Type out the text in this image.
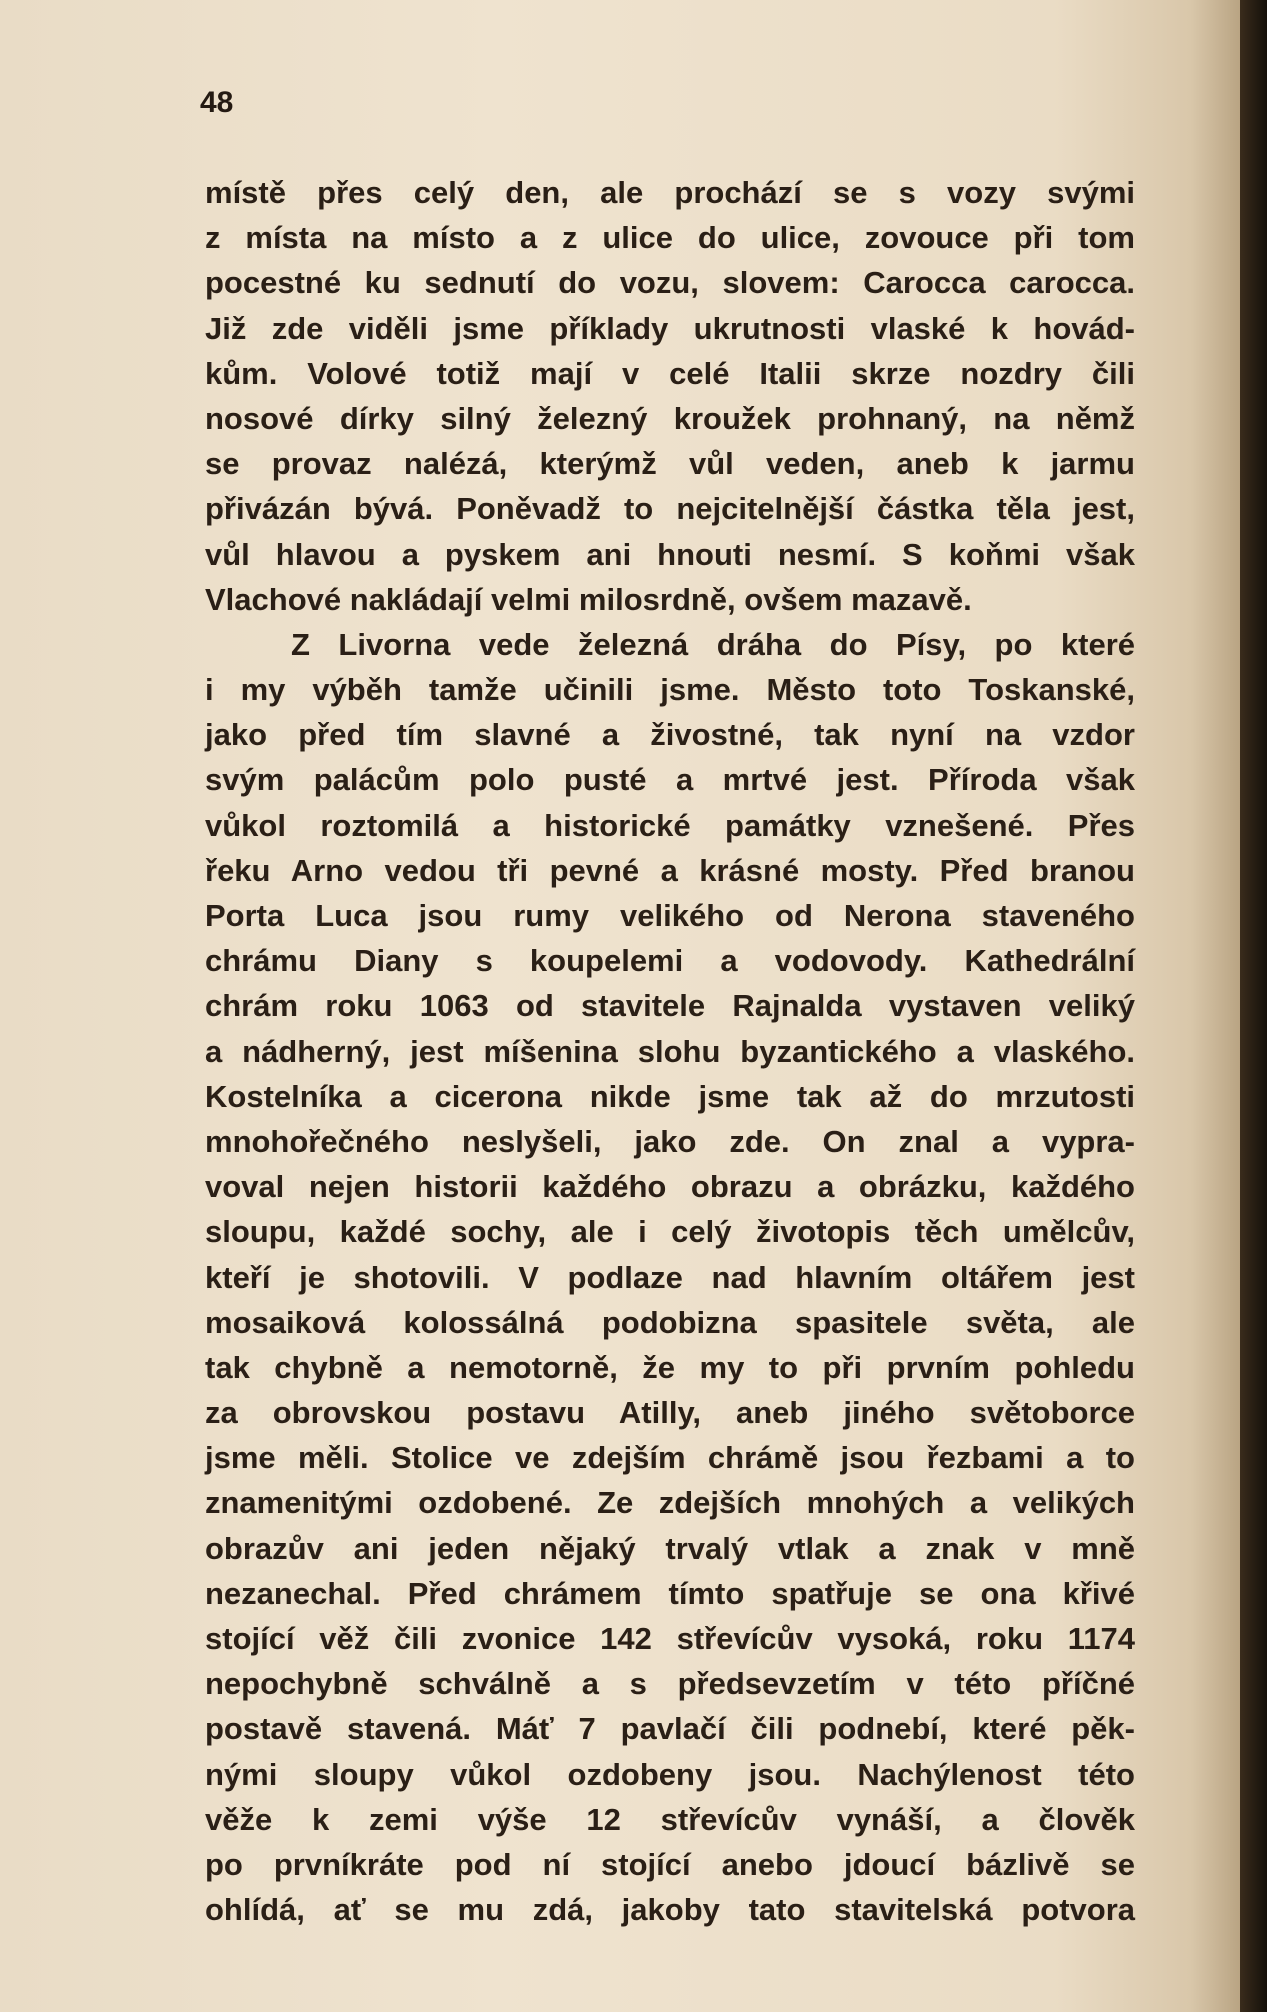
48
místě přes celý den, ale prochází se s vozy svými
z místa na místo a z ulice do ulice, zovouce při tom
pocestné ku sednutí do vozu, slovem: Carocca carocca.
Již zde viděli jsme příklady ukrutnosti vlaské k hovád-
kům. Volové totiž mají v celé Italii skrze nozdry čili
nosové dírky silný železný kroužek prohnaný, na němž
se provaz nalézá, kterýmž vůl veden, aneb k jarmu
přivázán bývá. Poněvadž to nejcitelnější částka těla jest,
vůl hlavou a pyskem ani hnouti nesmí. S koňmi však
Vlachové nakládají velmi milosrdně, ovšem mazavě.
Z Livorna vede železná dráha do Písy, po které
i my výběh tamže učinili jsme. Město toto Toskanské,
jako před tím slavné a živostné, tak nyní na vzdor
svým palácům polo pusté a mrtvé jest. Příroda však
vůkol roztomilá a historické památky vznešené. Přes
řeku Arno vedou tři pevné a krásné mosty. Před branou
Porta Luca jsou rumy velikého od Nerona staveného
chrámu Diany s koupelemi a vodovody. Kathedrální
chrám roku 1063 od stavitele Rajnalda vystaven veliký
a nádherný, jest míšenina slohu byzantického a vlaského.
Kostelníka a cicerona nikde jsme tak až do mrzutosti
mnohořečného neslyšeli, jako zde. On znal a vypra-
voval nejen historii každého obrazu a obrázku, každého
sloupu, každé sochy, ale i celý životopis těch umělcův,
kteří je shotovili. V podlaze nad hlavním oltářem jest
mosaiková kolossálná podobizna spasitele světa, ale
tak chybně a nemotorně, že my to při prvním pohledu
za obrovskou postavu Atilly, aneb jiného světoborce
jsme měli. Stolice ve zdejším chrámě jsou řezbami a to
znamenitými ozdobené. Ze zdejších mnohých a velikých
obrazův ani jeden nějaký trvalý vtlak a znak v mně
nezanechal. Před chrámem tímto spatřuje se ona křivé
stojící věž čili zvonice 142 střevícův vysoká, roku 1174
nepochybně schválně a s předsevzetím v této příčné
postavě stavená. Máť 7 pavlačí čili podnebí, které pěk-
nými sloupy vůkol ozdobeny jsou. Nachýlenost této
věže k zemi výše 12 střevícův vynáší, a člověk
po prvníkráte pod ní stojící anebo jdoucí bázlivě se
ohlídá, ať se mu zdá, jakoby tato stavitelská potvora
